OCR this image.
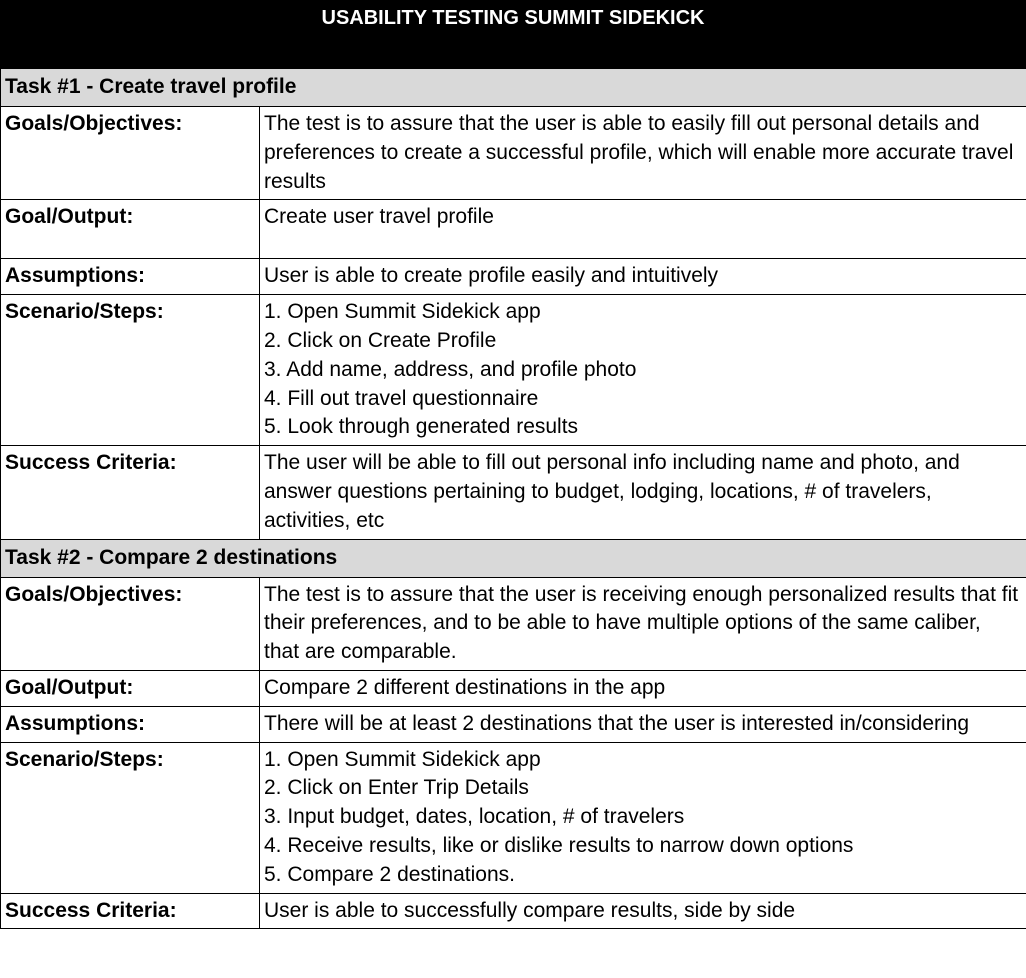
USABILITY TESTING SUMMIT SIDEKICK
Task #1 - Create travel profile	
Goals/Objectives:	The test is to assure that the user is able to easily fill out personal details and preferences to create a successful profile, which will enable more accurate travel results
Goal/Output:	Create user travel profile
Assumptions:	User is able to create profile easily and intuitively
Scenario/Steps:	1. Open Summit Sidekick app
2. Click on Create Profile
3. Add name, address, and profile photo
4. Fill out travel questionnaire
5. Look through generated results

Success Criteria:	The user will be able to fill out personal info including name and photo, and answer questions pertaining to budget, lodging, locations, # of travelers, activities, etc
Task #2 - Compare 2 destinations	
Goals/Objectives:	The test is to assure that the user is receiving enough personalized results that fit their preferences, and to be able to have multiple options of the same caliber, that are comparable.
Goal/Output:	Compare 2 different destinations in the app
Assumptions:	There will be at least 2 destinations that the user is interested in/considering
Scenario/Steps:	1. Open Summit Sidekick app
2. Click on Enter Trip Details
3. Input budget, dates, location, # of travelers
4. Receive results, like or dislike results to narrow down options
5. Compare 2 destinations.

Success Criteria:	User is able to successfully compare results, side by side
